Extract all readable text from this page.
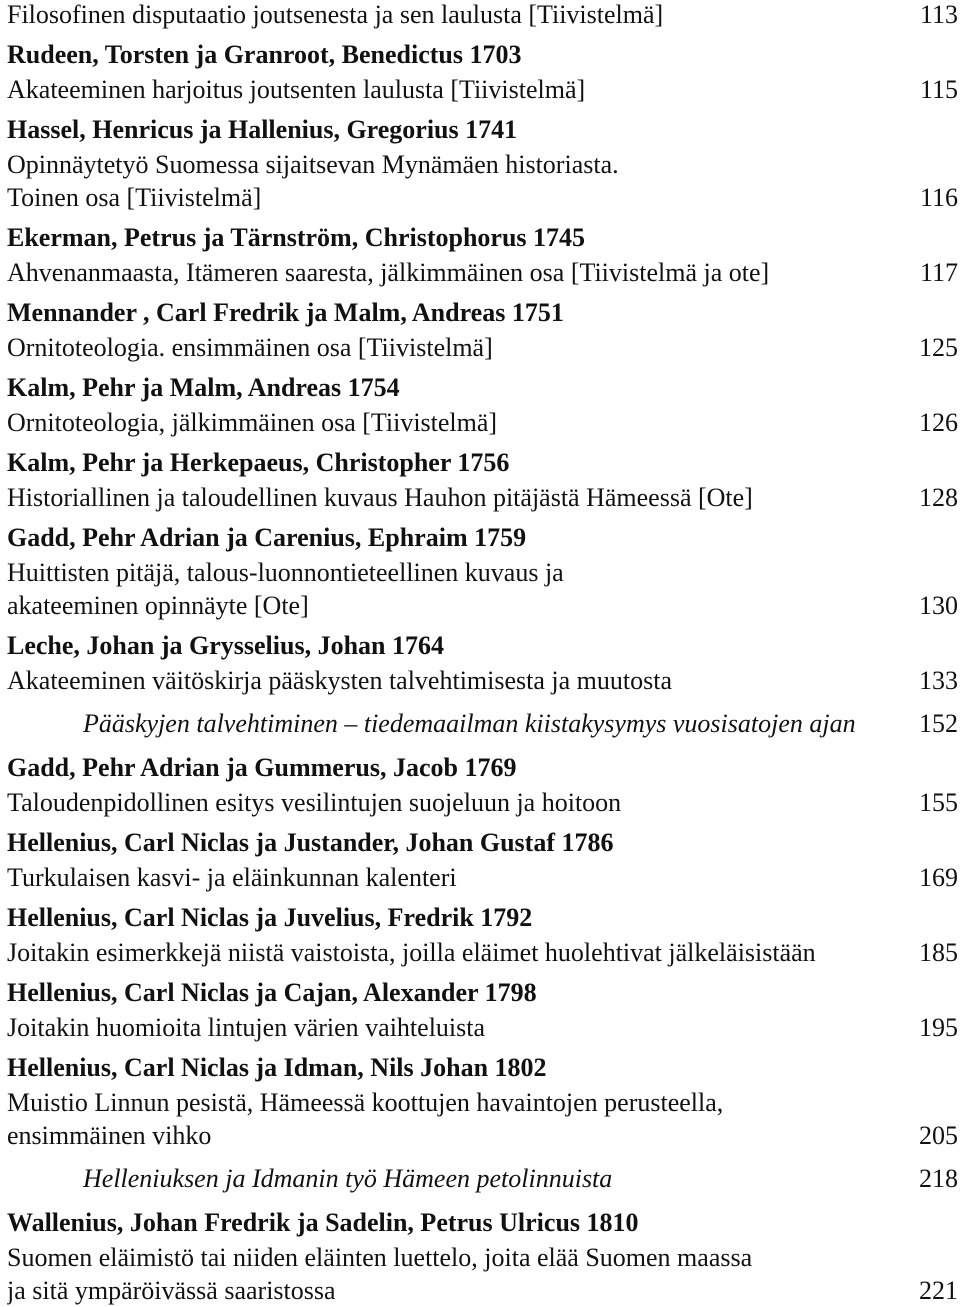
Filosofinen disputaatio joutsenesta ja sen laulusta [Tiivistelmä]	113
Rudeen, Torsten ja Granroot, Benedictus 1703
Akateeminen harjoitus joutsenten laulusta [Tiivistelmä]	115
Hassel, Henricus ja Hallenius, Gregorius 1741
Opinnäytetyö Suomessa sijaitsevan Mynämäen historiasta.
Toinen osa [Tiivistelmä]	116
Ekerman, Petrus ja Tärnström, Christophorus 1745
Ahvenanmaasta, Itämeren saaresta, jälkimmäinen osa [Tiivistelmä ja ote]	117
Mennander , Carl Fredrik ja Malm, Andreas 1751
Ornitoteologia. ensimmäinen osa [Tiivistelmä]	125
Kalm, Pehr ja Malm, Andreas 1754
Ornitoteologia, jälkimmäinen osa [Tiivistelmä]	126
Kalm, Pehr ja Herkepaeus, Christopher 1756
Historiallinen ja taloudellinen kuvaus Hauhon pitäjästä Hämeessä [Ote]	128
Gadd, Pehr Adrian ja Carenius, Ephraim 1759
Huittisten pitäjä, talous-luonnontieteellinen kuvaus ja
akateeminen opinnäyte [Ote]	130
Leche, Johan ja Grysselius, Johan 1764
Akateeminen väitöskirja pääskysten talvehtimisesta ja muutosta	133
Pääskyjen talvehtiminen – tiedemaailman kiistakysymys vuosisatojen ajan	152
Gadd, Pehr Adrian ja Gummerus, Jacob 1769
Taloudenpidollinen esitys vesilintujen suojeluun ja hoitoon	155
Hellenius, Carl Niclas ja Justander, Johan Gustaf 1786
Turkulaisen kasvi- ja eläinkunnan kalenteri	169
Hellenius, Carl Niclas ja Juvelius, Fredrik 1792
Joitakin esimerkkejä niistä vaistoista, joilla eläimet huolehtivat jälkeläisistään	185
Hellenius, Carl Niclas ja Cajan, Alexander 1798
Joitakin huomioita lintujen värien vaihteluista	195
Hellenius, Carl Niclas ja Idman, Nils Johan 1802
Muistio Linnun pesistä, Hämeessä koottujen havaintojen perusteella,
ensimmäinen vihko	205
Helleniuksen ja Idmanin työ Hämeen petolinnuista	218
Wallenius, Johan Fredrik ja Sadelin, Petrus Ulricus 1810
Suomen eläimistö tai niiden eläinten luettelo, joita elää Suomen maassa
ja sitä ympäröivässä saaristossa	221
